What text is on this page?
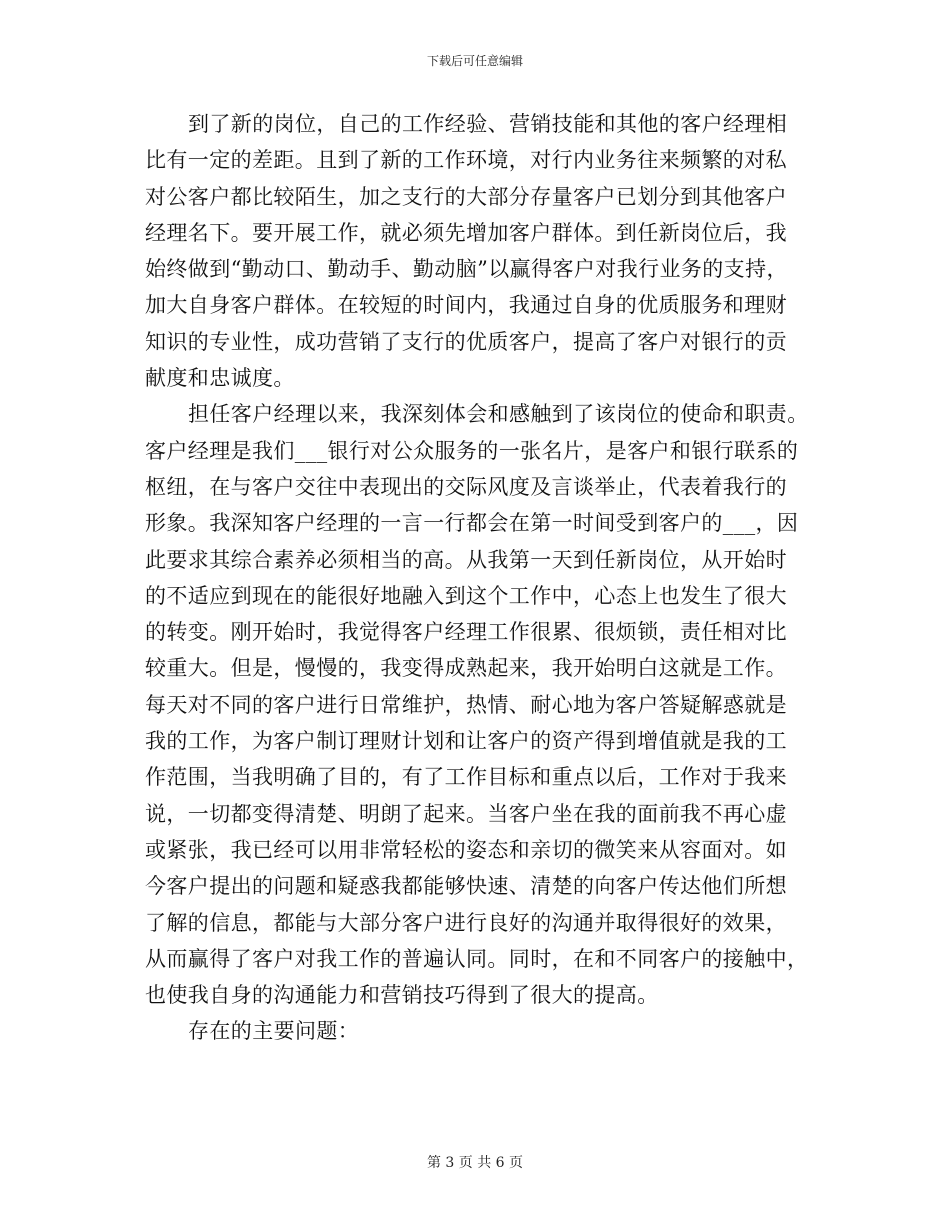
下载后可任意编辑
到了新的岗位，自己的工作经验、营销技能和其他的客户经理相
比有一定的差距。且到了新的工作环境，对行内业务往来频繁的对私
对公客户都比较陌生，加之支行的大部分存量客户已划分到其他客户
经理名下。要开展工作，就必须先增加客户群体。到任新岗位后，我
始终做到“勤动口、勤动手、勤动脑”以赢得客户对我行业务的支持，
加大自身客户群体。在较短的时间内，我通过自身的优质服务和理财
知识的专业性，成功营销了支行的优质客户，提高了客户对银行的贡
献度和忠诚度。
担任客户经理以来，我深刻体会和感触到了该岗位的使命和职责。
客户经理是我们___银行对公众服务的一张名片，是客户和银行联系的
枢纽，在与客户交往中表现出的交际风度及言谈举止，代表着我行的
形象。我深知客户经理的一言一行都会在第一时间受到客户的___，因
此要求其综合素养必须相当的高。从我第一天到任新岗位，从开始时
的不适应到现在的能很好地融入到这个工作中，心态上也发生了很大
的转变。刚开始时，我觉得客户经理工作很累、很烦锁，责任相对比
较重大。但是，慢慢的，我变得成熟起来，我开始明白这就是工作。
每天对不同的客户进行日常维护，热情、耐心地为客户答疑解惑就是
我的工作，为客户制订理财计划和让客户的资产得到增值就是我的工
作范围，当我明确了目的，有了工作目标和重点以后，工作对于我来
说，一切都变得清楚、明朗了起来。当客户坐在我的面前我不再心虚
或紧张，我已经可以用非常轻松的姿态和亲切的微笑来从容面对。如
今客户提出的问题和疑惑我都能够快速、清楚的向客户传达他们所想
了解的信息，都能与大部分客户进行良好的沟通并取得很好的效果，
从而赢得了客户对我工作的普遍认同。同时，在和不同客户的接触中，
也使我自身的沟通能力和营销技巧得到了很大的提高。
存在的主要问题：
第 3 页 共 6 页
